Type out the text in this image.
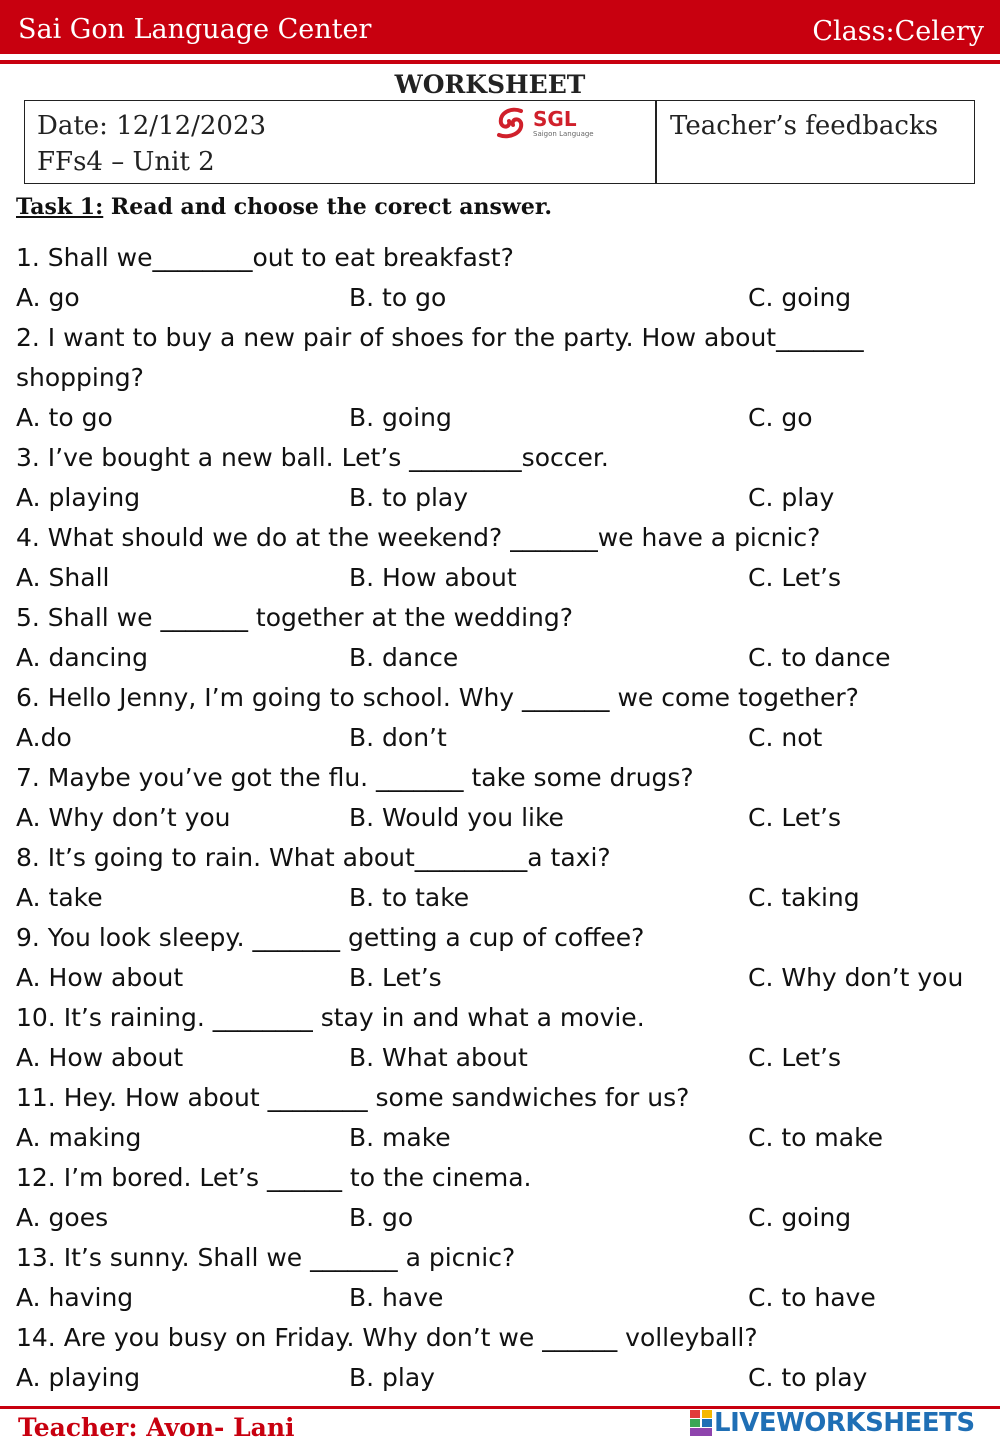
Sai Gon Language Center	Class:Celery
WORKSHEET
Date: 12/12/2023
FFs4 – Unit 2
SGL
Saigon Language	Teacher’s feedbacks
Task 1: Read and choose the corect answer.
1. Shall we________out to eat breakfast?
A. go	B. to go	C. going
2. I want to buy a new pair of shoes for the party. How about_______
shopping?
A. to go	B. going	C. go
3. I’ve bought a new ball. Let’s _________soccer.
A. playing	B. to play	C. play
4. What should we do at the weekend? _______we have a picnic?
A. Shall	B. How about	C. Let’s
5. Shall we _______ together at the wedding?
A. dancing	B. dance	C. to dance
6. Hello Jenny, I’m going to school. Why _______ we come together?
A.do	B. don’t	C. not
7. Maybe you’ve got the flu. _______ take some drugs?
A. Why don’t you	B. Would you like	C. Let’s
8. It’s going to rain. What about_________a taxi?
A. take	B. to take	C. taking
9. You look sleepy. _______ getting a cup of coffee?
A. How about	B. Let’s	C. Why don’t you
10. It’s raining. ________ stay in and what a movie.
A. How about	B. What about	C. Let’s
11. Hey. How about ________ some sandwiches for us?
A. making	B. make	C. to make
12. I’m bored. Let’s ______ to the cinema.
A. goes	B. go	C. going
13. It’s sunny. Shall we _______ a picnic?
A. having	B. have	C. to have
14. Are you busy on Friday. Why don’t we ______ volleyball?
A. playing	B. play	C. to play
Teacher: Avon- Lani	LIVEWORKSHEETS
